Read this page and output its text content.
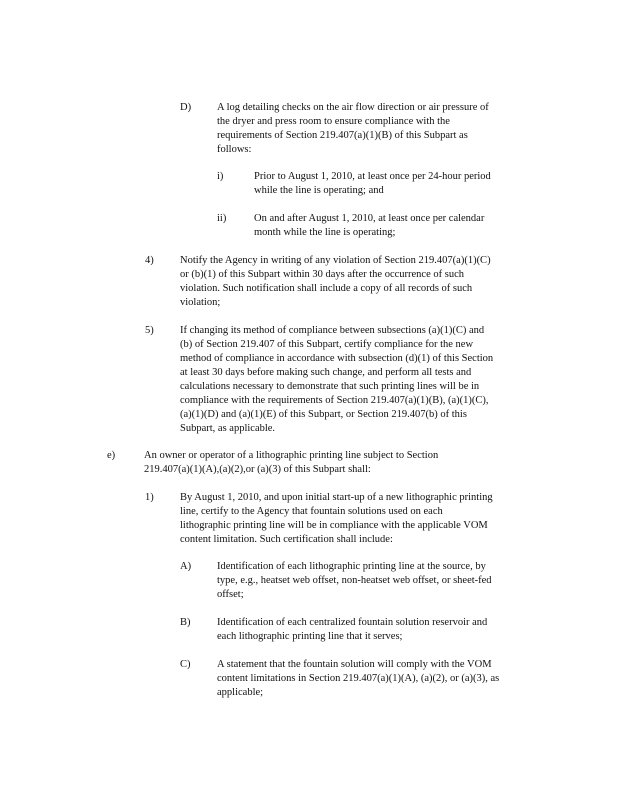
D) A log detailing checks on the air flow direction or air pressure of
the dryer and press room to ensure compliance with the
requirements of Section 219.407(a)(1)(B) of this Subpart as
follows:
i)	Prior to August 1, 2010, at least once per 24-hour period
while the line is operating; and
ii)	On and after August 1, 2010, at least once per calendar
month while the line is operating;
4)	Notify the Agency in writing of any violation of Section 219.407(a)(1)(C)
or (b)(1) of this Subpart within 30 days after the occurrence of such
violation. Such notification shall include a copy of all records of such
violation;
5)	If changing its method of compliance between subsections (a)(1)(C) and
(b) of Section 219.407 of this Subpart, certify compliance for the new
method of compliance in accordance with subsection (d)(1) of this Section
at least 30 days before making such change, and perform all tests and
calculations necessary to demonstrate that such printing lines will be in
compliance with the requirements of Section 219.407(a)(1)(B), (a)(1)(C),
(a)(1)(D) and (a)(1)(E) of this Subpart, or Section 219.407(b) of this
Subpart, as applicable.
e)	An owner or operator of a lithographic printing line subject to Section
219.407(a)(1)(A),(a)(2),or (a)(3) of this Subpart shall:
1)	By August 1, 2010, and upon initial start-up of a new lithographic printing
line, certify to the Agency that fountain solutions used on each
lithographic printing line will be in compliance with the applicable VOM
content limitation. Such certification shall include:
A) Identification of each lithographic printing line at the source, by
type, e.g., heatset web offset, non-heatset web offset, or sheet-fed
offset;
B)	Identification of each centralized fountain solution reservoir and
each lithographic printing line that it serves;
C)	A statement that the fountain solution will comply with the VOM
content limitations in Section 219.407(a)(1)(A), (a)(2), or (a)(3), as
applicable;
